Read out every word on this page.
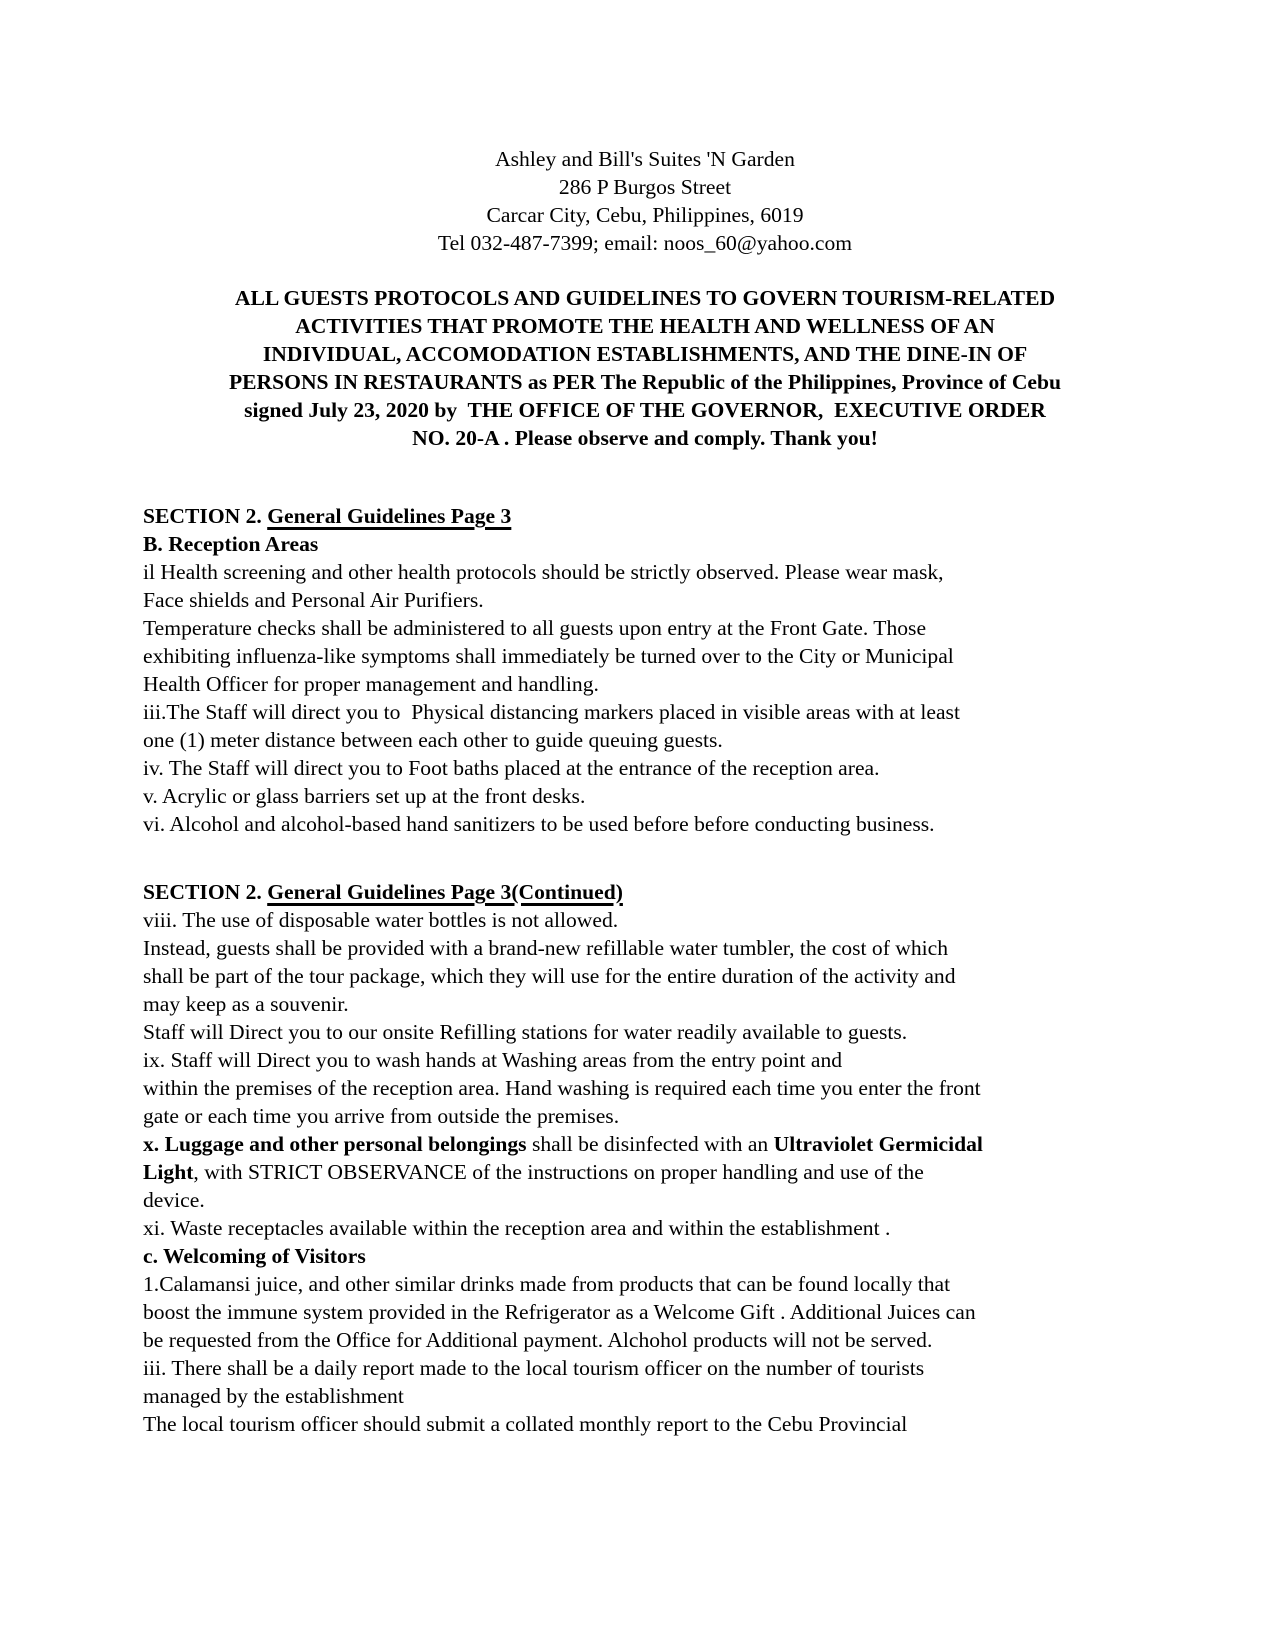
Ashley and Bill's Suites 'N Garden
286 P Burgos Street
Carcar City, Cebu, Philippines, 6019
Tel 032-487-7399; email: noos_60@yahoo.com
ALL GUESTS PROTOCOLS AND GUIDELINES TO GOVERN TOURISM-RELATED
ACTIVITIES THAT PROMOTE THE HEALTH AND WELLNESS OF AN
INDIVIDUAL, ACCOMODATION ESTABLISHMENTS, AND THE DINE-IN OF
PERSONS IN RESTAURANTS as PER The Republic of the Philippines, Province of Cebu
signed July 23, 2020 by  THE OFFICE OF THE GOVERNOR,  EXECUTIVE ORDER
NO. 20-A . Please observe and comply. Thank you!
SECTION 2. General Guidelines Page 3
B. Reception Areas
il Health screening and other health protocols should be strictly observed. Please wear mask,
Face shields and Personal Air Purifiers.
Temperature checks shall be administered to all guests upon entry at the Front Gate. Those
exhibiting influenza-like symptoms shall immediately be turned over to the City or Municipal
Health Officer for proper management and handling.
iii.The Staff will direct you to  Physical distancing markers placed in visible areas with at least
one (1) meter distance between each other to guide queuing guests.
iv. The Staff will direct you to Foot baths placed at the entrance of the reception area.
v. Acrylic or glass barriers set up at the front desks.
vi. Alcohol and alcohol-based hand sanitizers to be used before before conducting business.
SECTION 2. General Guidelines Page 3(Continued)
viii. The use of disposable water bottles is not allowed.
Instead, guests shall be provided with a brand-new refillable water tumbler, the cost of which
shall be part of the tour package, which they will use for the entire duration of the activity and
may keep as a souvenir.
Staff will Direct you to our onsite Refilling stations for water readily available to guests.
ix. Staff will Direct you to wash hands at Washing areas from the entry point and
within the premises of the reception area. Hand washing is required each time you enter the front
gate or each time you arrive from outside the premises.
x. Luggage and other personal belongings shall be disinfected with an Ultraviolet Germicidal
Light, with STRICT OBSERVANCE of the instructions on proper handling and use of the
device.
xi. Waste receptacles available within the reception area and within the establishment .
c. Welcoming of Visitors
1.Calamansi juice, and other similar drinks made from products that can be found locally that
boost the immune system provided in the Refrigerator as a Welcome Gift . Additional Juices can
be requested from the Office for Additional payment. Alchohol products will not be served.
iii. There shall be a daily report made to the local tourism officer on the number of tourists
managed by the establishment
The local tourism officer should submit a collated monthly report to the Cebu Provincial
